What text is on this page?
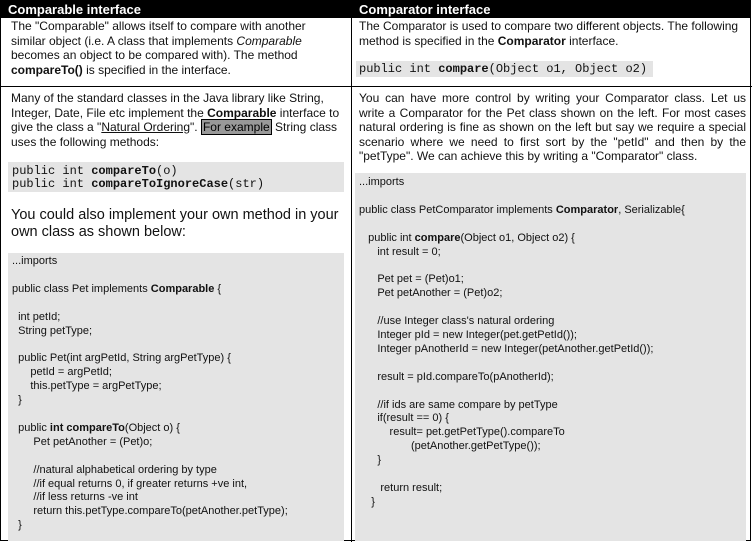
Comparable interface	Comparator interface

The "Comparable" allows itself to compare with another similar object (i.e. A class that implements Comparable becomes an object to be compared with). The method compareTo() is specified in the interface.

The Comparator is used to compare two different objects. The following method is specified in the Comparator interface.

public int compare(Object o1, Object o2)

Many of the standard classes in the Java library like String, Integer, Date, File etc implement the Comparable interface to give the class a "Natural Ordering". For example String class uses the following methods:

public int compareTo(o)
public int compareToIgnoreCase(str)
You could also implement your own method in your own class as shown below:
...imports

public class Pet implements Comparable {

int petId;
String petType;

public Pet(int argPetId, String argPetType) {
petId = argPetId;
this.petType = argPetType;
}

public int compareTo(Object o) {
Pet petAnother = (Pet)o;

//natural alphabetical ordering by type
//if equal returns 0, if greater returns +ve int,
//if less returns -ve int
return this.petType.compareTo(petAnother.petType);
}
You can have more control by writing your Comparator class. Let us write a Comparator for the Pet class shown on the left. For most cases natural ordering is fine as shown on the left but say we require a special scenario where we need to first sort by the "petId" and then by the "petType". We can achieve this by writing a "Comparator" class.
...imports

public class PetComparator implements Comparator, Serializable{

public int compare(Object o1, Object o2) {
int result = 0;

Pet pet = (Pet)o1;
Pet petAnother = (Pet)o2;

//use Integer class's natural ordering
Integer pId = new Integer(pet.getPetId());
Integer pAnotherId = new Integer(petAnother.getPetId());

result = pId.compareTo(pAnotherId);

//if ids are same compare by petType
if(result == 0) {
result= pet.getPetType().compareTo
(petAnother.getPetType());
}

return result;
}
